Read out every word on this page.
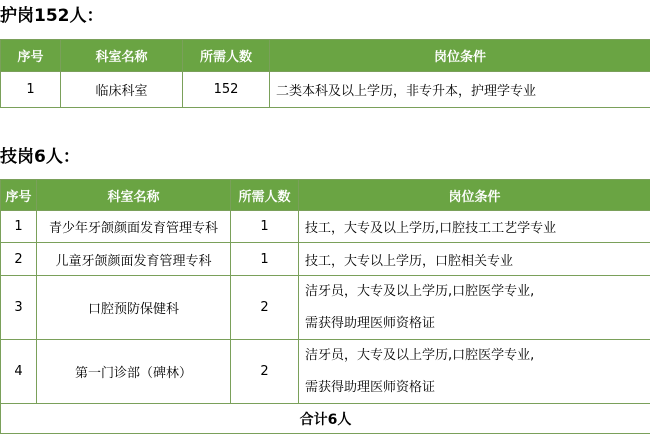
护岗152人：
序号	科室名称	所需人数	岗位条件
1	临床科室	152	二类本科及以上学历，非专升本，护理学专业
技岗6人：
序号	科室名称	所需人数	岗位条件
1	青少年牙颌颜面发育管理专科	1	技工，大专及以上学历,口腔技工工艺学专业
2	儿童牙颌颜面发育管理专科	1	技工，大专以上学历，口腔相关专业
3	口腔预防保健科	2	洁牙员，大专及以上学历,口腔医学专业,
需获得助理医师资格证

4	第一门诊部（碑林）	2	洁牙员，大专及以上学历,口腔医学专业,
需获得助理医师资格证

合计6人			
